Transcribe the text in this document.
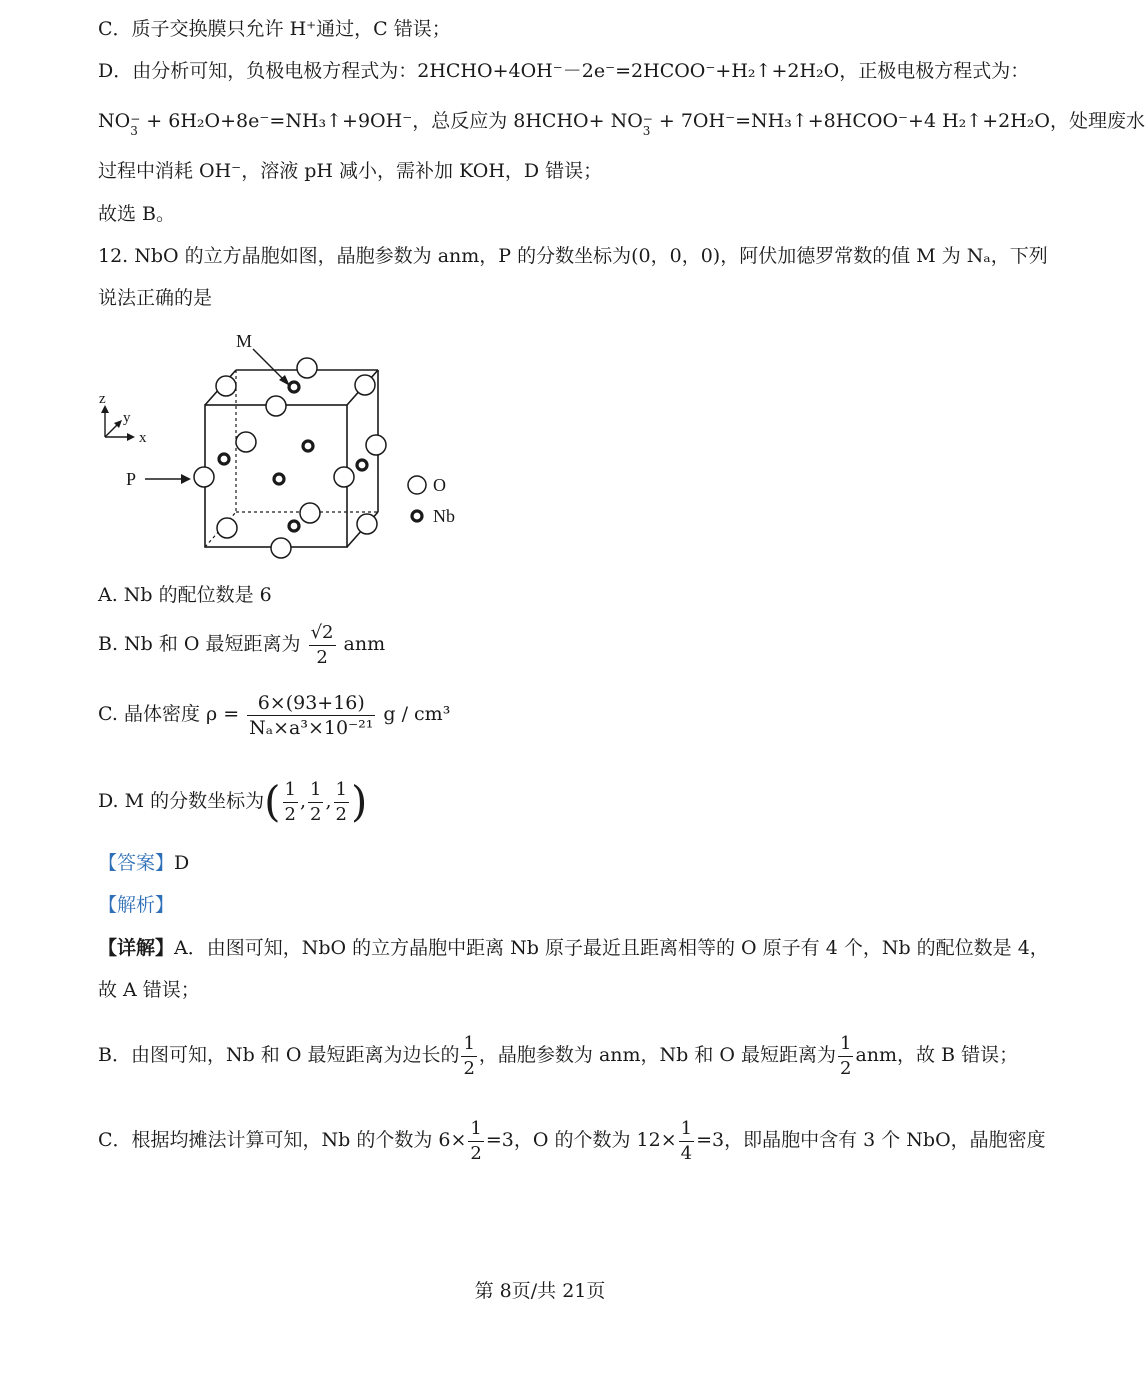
C．质子交换膜只允许 H⁺通过，C 错误；
D．由分析可知，负极电极方程式为：2HCHO+4OH⁻－2e⁻=2HCOO⁻+H₂↑+2H₂O，正极电极方程式为：
NO−
3 + 6H₂O+8e⁻=NH₃↑+9OH⁻，总反应为 8HCHO+ NO−
3 + 7OH⁻=NH₃↑+8HCOO⁻+4 H₂↑+2H₂O，处理废水
过程中消耗 OH⁻，溶液 pH 减小，需补加 KOH，D 错误；
故选 B。
12. NbO 的立方晶胞如图，晶胞参数为 anm，P 的分数坐标为(0，0，0)，阿伏加德罗常数的值 M 为 Nₐ，下列
说法正确的是
M
P
z
y
x
O
Nb
A. Nb 的配位数是 6
B. Nb 和 O 最短距离为 $\frac{√2}{2}$ anm
C. 晶体密度 $\rho = \frac{6\times(93+16)}{\text{Nₐ×a³×10⁻²¹}}$ g / cm³
D. M 的分数坐标为( $\frac{1}{2}$ , $\frac{1}{2}$ , $\frac{1}{2}$ )
【答案】D
【解析】
【详解】A．由图可知，NbO 的立方晶胞中距离 Nb 原子最近且距离相等的 O 原子有 4 个，Nb 的配位数是 4，
故 A 错误；
B．由图可知，Nb 和 O 最短距离为边长的 $\frac{1}{2}$ ，晶胞参数为 anm，Nb 和 O 最短距离为 $\frac{1}{2}$ anm，故 B 错误；
C．根据均摊法计算可知，Nb 的个数为 $6\times \frac{1}{2} =3$，O 的个数为 $12\times \frac{1}{4} =3$，即晶胞中含有 3 个 NbO，晶胞密度
第 8页/共 21页
